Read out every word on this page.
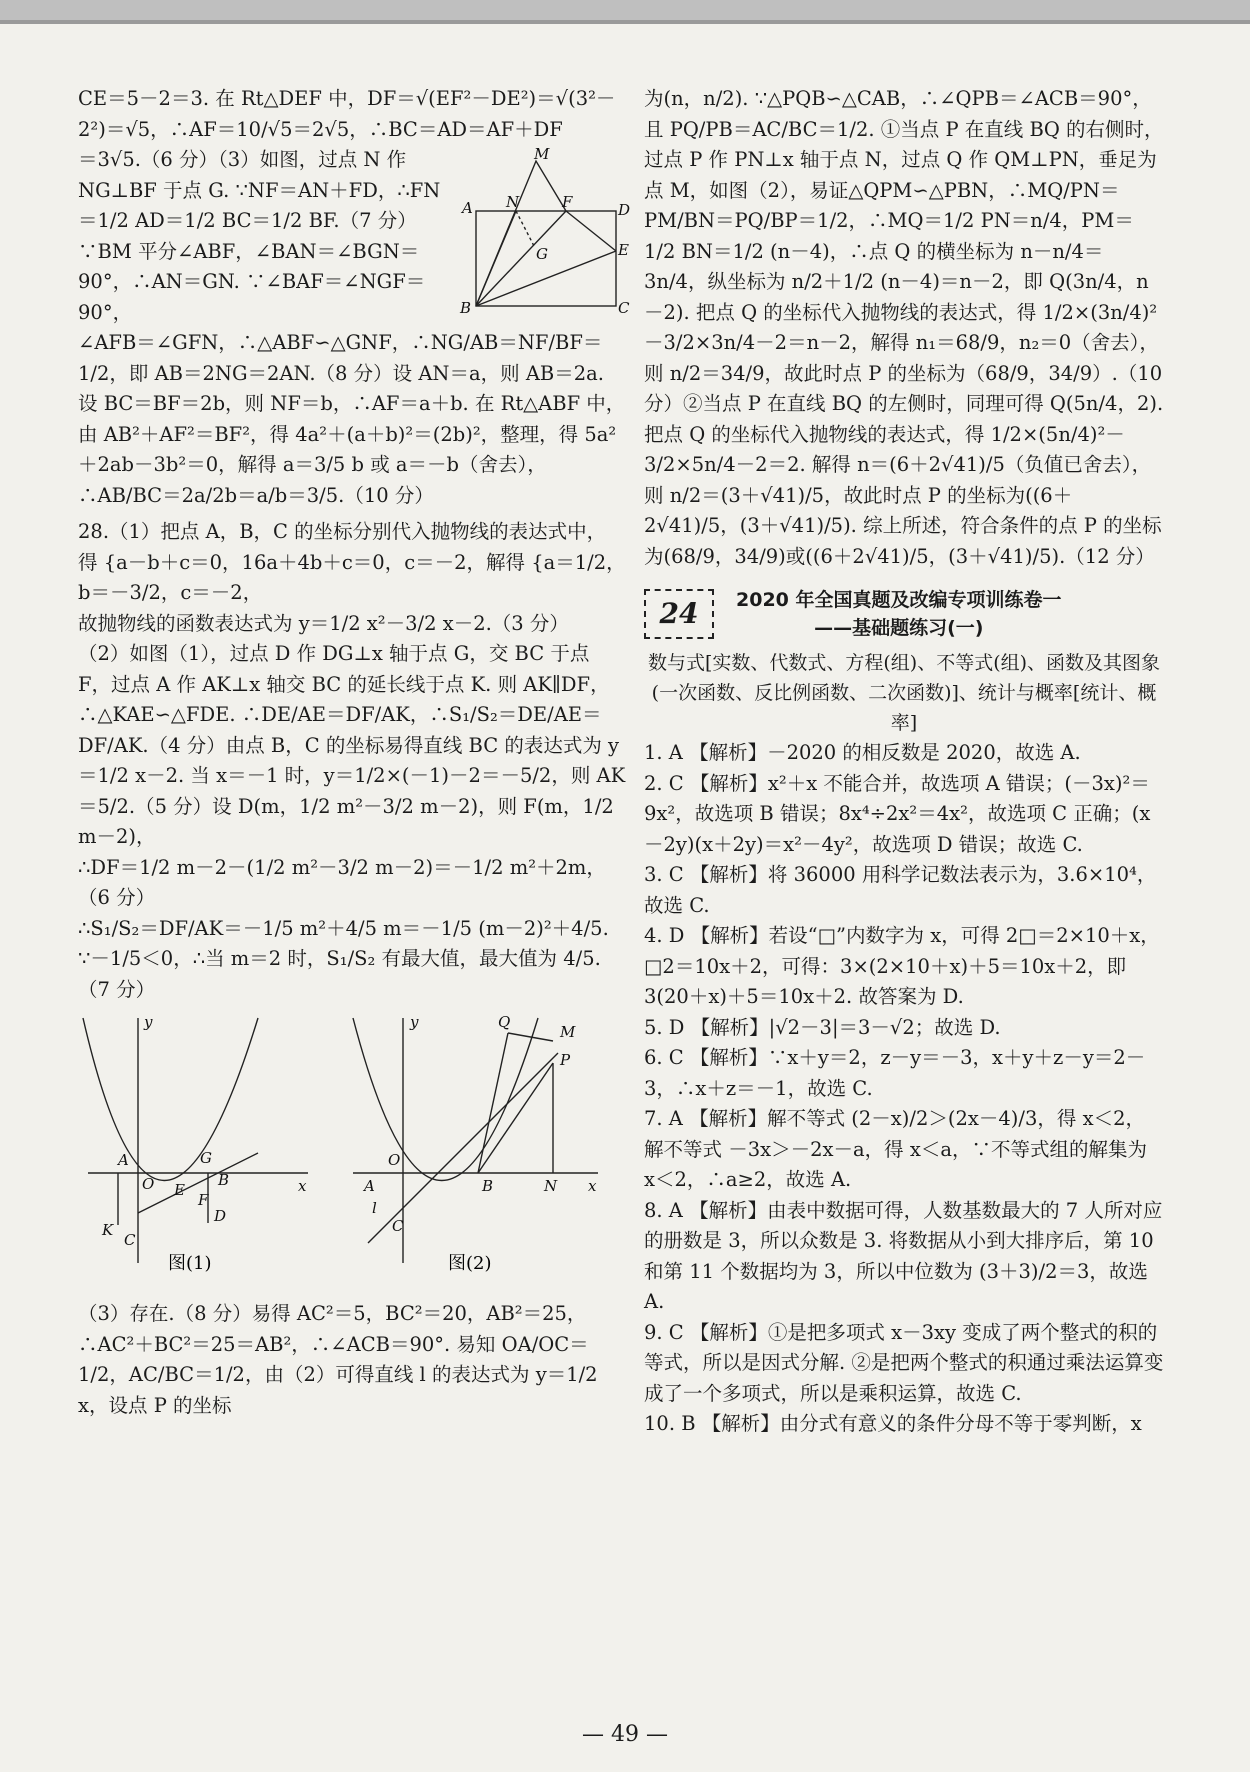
CE＝5－2＝3. 在 Rt△DEF 中，DF＝√(EF²－DE²)＝√(3²－2²)＝√5，∴AF＝10/√5＝2√5，∴BC＝AD＝AF＋DF

M
A N	F	D
G	E
B	C

＝3√5.（6 分）（3）如图，过点 N 作 NG⊥BF 于点 G. ∵NF＝AN＋FD，∴FN＝1/2 AD＝1/2 BC＝1/2 BF.（7 分）∵BM 平分∠ABF，∠BAN＝∠BGN＝90°，∴AN＝GN. ∵∠BAF＝∠NGF＝90°，

∠AFB＝∠GFN，∴△ABF∽△GNF，∴NG/AB＝NF/BF＝1/2，即 AB＝2NG＝2AN.（8 分）设 AN＝a，则 AB＝2a. 设 BC＝BF＝2b，则 NF＝b，∴AF＝a＋b. 在 Rt△ABF 中，由 AB²＋AF²＝BF²，得 4a²＋(a＋b)²＝(2b)²，整理，得 5a²＋2ab－3b²＝0，解得 a＝3/5 b 或 a＝－b（舍去），∴AB/BC＝2a/2b＝a/b＝3/5.（10 分）

28.（1）把点 A，B，C 的坐标分别代入抛物线的表达式中，

得 {a－b＋c＝0，16a＋4b＋c＝0，c＝－2，解得 {a＝1/2，b＝－3/2，c＝－2，

故抛物线的函数表达式为 y＝1/2 x²－3/2 x－2.（3 分）

（2）如图（1），过点 D 作 DG⊥x 轴于点 G，交 BC 于点 F，过点 A 作 AK⊥x 轴交 BC 的延长线于点 K. 则 AK∥DF，∴△KAE∽△FDE. ∴DE/AE＝DF/AK，∴S₁/S₂＝DE/AE＝DF/AK.（4 分）由点 B，C 的坐标易得直线 BC 的表达式为 y＝1/2 x－2. 当 x＝－1 时，y＝1/2×(－1)－2＝－5/2，则 AK＝5/2.（5 分）设 D(m，1/2 m²－3/2 m－2)，则 F(m，1/2 m－2)，

∴DF＝1/2 m－2－(1/2 m²－3/2 m－2)＝－1/2 m²＋2m，（6 分）

∴S₁/S₂＝DF/AK＝－1/5 m²＋4/5 m＝－1/5 (m－2)²＋4/5. ∵－1/5＜0，∴当 m＝2 时，S₁/S₂ 有最大值，最大值为 4/5.（7 分）

y
A
O
G
B
E
F
D
K
C
x
图(1)
y	Q
M
P
O
A
l
C
B	N x
图(2)

（3）存在.（8 分）易得 AC²＝5，BC²＝20，AB²＝25，∴AC²＋BC²＝25＝AB²，∴∠ACB＝90°. 易知 OA/OC＝1/2，AC/BC＝1/2，由（2）可得直线 l 的表达式为 y＝1/2 x，设点 P 的坐标

为(n，n/2). ∵△PQB∽△CAB，∴∠QPB＝∠ACB＝90°，且 PQ/PB＝AC/BC＝1/2. ①当点 P 在直线 BQ 的右侧时，过点 P 作 PN⊥x 轴于点 N，过点 Q 作 QM⊥PN，垂足为点 M，如图（2），易证△QPM∽△PBN，∴MQ/PN＝PM/BN＝PQ/BP＝1/2，∴MQ＝1/2 PN＝n/4，PM＝1/2 BN＝1/2 (n－4)，∴点 Q 的横坐标为 n－n/4＝3n/4，纵坐标为 n/2＋1/2 (n－4)＝n－2，即 Q(3n/4，n－2). 把点 Q 的坐标代入抛物线的表达式，得 1/2×(3n/4)²－3/2×3n/4－2＝n－2，解得 n₁＝68/9，n₂＝0（舍去），则 n/2＝34/9，故此时点 P 的坐标为（68/9，34/9）.（10 分）②当点 P 在直线 BQ 的左侧时，同理可得 Q(5n/4，2). 把点 Q 的坐标代入抛物线的表达式，得 1/2×(5n/4)²－3/2×5n/4－2＝2. 解得 n＝(6＋2√41)/5（负值已舍去），则 n/2＝(3＋√41)/5，故此时点 P 的坐标为((6＋2√41)/5，(3＋√41)/5). 综上所述，符合条件的点 P 的坐标为(68/9，34/9)或((6＋2√41)/5，(3＋√41)/5).（12 分）

24	2020 年全国真题及改编专项训练卷一
——基础题练习(一)
数与式[实数、代数式、方程(组)、不等式(组)、函数及其图象(一次函数、反比例函数、二次函数)]、统计与概率[统计、概率]

1. A 【解析】－2020 的相反数是 2020，故选 A.

2. C 【解析】x²＋x 不能合并，故选项 A 错误；(－3x)²＝9x²，故选项 B 错误；8x⁴÷2x²＝4x²，故选项 C 正确；(x－2y)(x＋2y)＝x²－4y²，故选项 D 错误；故选 C.

3. C 【解析】将 36000 用科学记数法表示为，3.6×10⁴，故选 C.

4. D 【解析】若设“□”内数字为 x，可得 2□＝2×10＋x，□2＝10x＋2，可得：3×(2×10＋x)＋5＝10x＋2，即 3(20＋x)＋5＝10x＋2. 故答案为 D.

5. D 【解析】|√2－3|＝3－√2；故选 D.

6. C 【解析】∵x＋y＝2，z－y＝－3，x＋y＋z－y＝2－3，∴x＋z＝－1，故选 C.

7. A 【解析】解不等式 (2－x)/2＞(2x－4)/3，得 x＜2，解不等式 －3x＞－2x－a，得 x＜a，∵不等式组的解集为 x＜2，∴a≥2，故选 A.

8. A 【解析】由表中数据可得，人数基数最大的 7 人所对应的册数是 3，所以众数是 3. 将数据从小到大排序后，第 10 和第 11 个数据均为 3，所以中位数为 (3＋3)/2＝3，故选 A.

9. C 【解析】①是把多项式 x－3xy 变成了两个整式的积的等式，所以是因式分解. ②是把两个整式的积通过乘法运算变成了一个多项式，所以是乘积运算，故选 C.

10. B 【解析】由分式有意义的条件分母不等于零判断，x

— 49 —
